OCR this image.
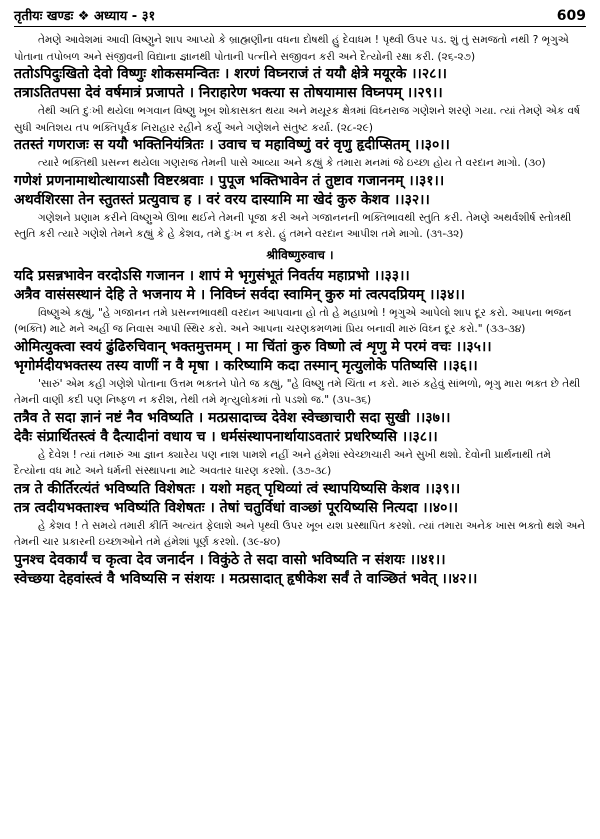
तृतीयः खण्डः ❖ अध्याय - ३१	609
તેમણે આવેશમાં આવી વિષ્ણુને શાપ આપ્યો કે બ્રાહ્મણીના વધના દોષથી હું દેવાધમ ! પૃથ્વી ઉપર ૫ડ. શું તું સમજતો નથી ? ભૃગુએ પોતાના તપોબળ અને સંજીવની વિદ્યાના જ્ઞાનથી પોતાની પત્નીને સજીવન કરી અને દૈત્યોની રક્ષા કરી. (૨૬-૨૭)
ततोऽपिदुःखितो देवो विष्णुः शोकसमन्वितः । शरणं विघ्नराजं तं ययौ क्षेत्रे मयूरके ।।२८।।
तत्राऽतितपसा देवं वर्षमात्रं प्रजापते । निराहारेण भक्त्या स तोषयामास विघ्नपम् ।।२९।।
તેથી અતિ દુઃખી થયેલા ભગવાન વિષ્ણુ ખૂબ શોકાસક્ત થયા અને મયૂરક ક્ષેત્રમાં વિઘ્નરાજ ગણેશને શરણે ગયા. ત્યાં તેમણે એક વર્ષ સુધી અતિશય તપ ભક્તિપૂર્વક નિરાહાર રહીને કર્યું અને ગણેશને સંતુષ્ટ કર્યા. (૨૮-૨૯)
ततस्तं गणराजः स ययौ भक्तिनियंत्रितः । उवाच च महाविष्णुं वरं वृणु हृदीप्सितम् ।।३०।।
ત્યારે ભક્તિથી પ્રસન્ન થયેલા ગણરાજ તેમની પાસે આવ્યા અને કહ્યું કે તમારા મનમાં જે ઇચ્છા હોય તે વરદાન માગો. (૩૦)
गणेशं प्रणनामाथोत्थायाऽसौ विष्टरश्रवाः । पुपूज भक्तिभावेन तं तुष्टाव गजाननम् ।।३१।।
अथर्वशिरसा तेन स्तुतस्तं प्रत्युवाच ह । वरं वरय दास्यामि मा खेदं कुरु केशव ।।३२।।
ગણેશને પ્રણામ કરીને વિષ્ણુએ ઊભા થઈને તેમની પૂજા કરી અને ગજાનનની ભક્તિભાવથી સ્તુતિ કરી. તેમણે અથર્વશીર્ષ સ્તોત્રથી સ્તુતિ કરી ત્યારે ગણેશે તેમને કહ્યું કે હે કેશવ, તમે દુઃખ ન કરો. હું તમને વરદાન આપીશ તમે માગો. (૩૧-૩૨)
श्रीविष्णुरुवाच ।
यदि प्रसन्नभावेन वरदोऽसि गजानन । शापं मे भृगुसंभूतं निवर्तय महाप्रभो ।।३३।।
अत्रैव वासंसस्थानं देहि ते भजनाय मे । निविघ्नं सर्वदा स्वामिन् कुरु मां त्वत्पदप्रियम् ।।३४।।
વિષ્ણુએ કહ્યું, "હે ગજાનન તમે પ્રસન્નભાવથી વરદાન આપવાના હો તો હે મહાપ્રભો ! ભૃગુએ આપેલો શાપ દૂર કરો. આપના ભજન (ભક્તિ) માટે મને અહીં જ નિવાસ આપી સ્થિર કરો. અને આપના ચરણકમળમાં પ્રિય બનાવી મારું વિઘ્ન દૂર કરો." (૩૩-૩૪)
ओमित्युक्त्वा स्वयं ढुंढिरुचिवान् भक्तमुत्तमम् । मा चिंतां कुरु विष्णो त्वं शृणु मे परमं वचः ।।३५।।
भृगोर्मदीयभक्तस्य तस्य वाणीं न वै मृषा । करिष्यामि कदा तस्मान् मृत्युलोके पतिष्यसि ।।३६।।
'સારું' એમ કહી ગણેશે પોતાના ઉત્તમ ભક્તને પોતે જ કહ્યું, "હે વિષ્ણુ તમે ચિંતા ન કરો. મારું કહેવું સાંભળો, ભૃગુ મારા ભક્ત છે તેથી તેમની વાણી કદી પણ નિષ્ફળ ન કરીશ, તેથી તમે મૃત્યુલોકમાં તો પડશો જ." (૩૫-૩૬)
तत्रैव ते सदा ज्ञानं नष्टं नैव भविष्यति । मत्प्रसादाच्च देवेश स्वेच्छाचारी सदा सुखी ।।३७।।
देवैः संप्रार्थितस्त्वं वै दैत्यादीनां वधाय च । धर्मसंस्थापनार्थायाऽवतारं प्रधरिष्यसि ।।३८।।
હે દેવેશ ! ત્યાં તમારું આ જ્ઞાન ક્યારેય પણ નાશ પામશે નહીં અને હંમેશાં સ્વેચ્છાચારી અને સુખી થશો. દેવોની પ્રાર્થનાથી તમે દૈત્યોના વધ માટે અને ધર્મની સંસ્થાપના માટે અવતાર ધારણ કરશો. (૩૭-૩૮)
तत्र ते कीर्तिरत्यंतं भविष्यति विशेषतः । यशो महत् पृथिव्यां त्वं स्थापयिष्यसि केशव ।।३९।।
तत्र त्वदीयभक्ताश्च भविष्यंति विशेषतः । तेषां चतुर्विधां वाञ्छां पूरयिष्यसि नित्यदा ।।४०।।
હે કેશવ ! તે સમયે તમારી કીર્તિ અત્યંત ફેલાશે અને પૃથ્વી ઉપર ખૂબ યશ પ્રસ્થાપિત કરશો. ત્યાં તમારા અનેક ખાસ ભક્તો થશે અને તેમની ચાર પ્રકારની ઇચ્છાઓને તમે હંમેશાં પૂર્ણ કરશો. (૩૯-૪૦)
पुनश्च देवकार्यं च कृत्वा देव जनार्दन । विकुंठे ते सदा वासो भविष्यति न संशयः ।।४१।।
स्वेच्छया देहवांस्त्वं वै भविष्यसि न संशयः । मत्प्रसादात् हृषीकेश सर्वं ते वाञ्छितं भवेत् ।।४२।।
